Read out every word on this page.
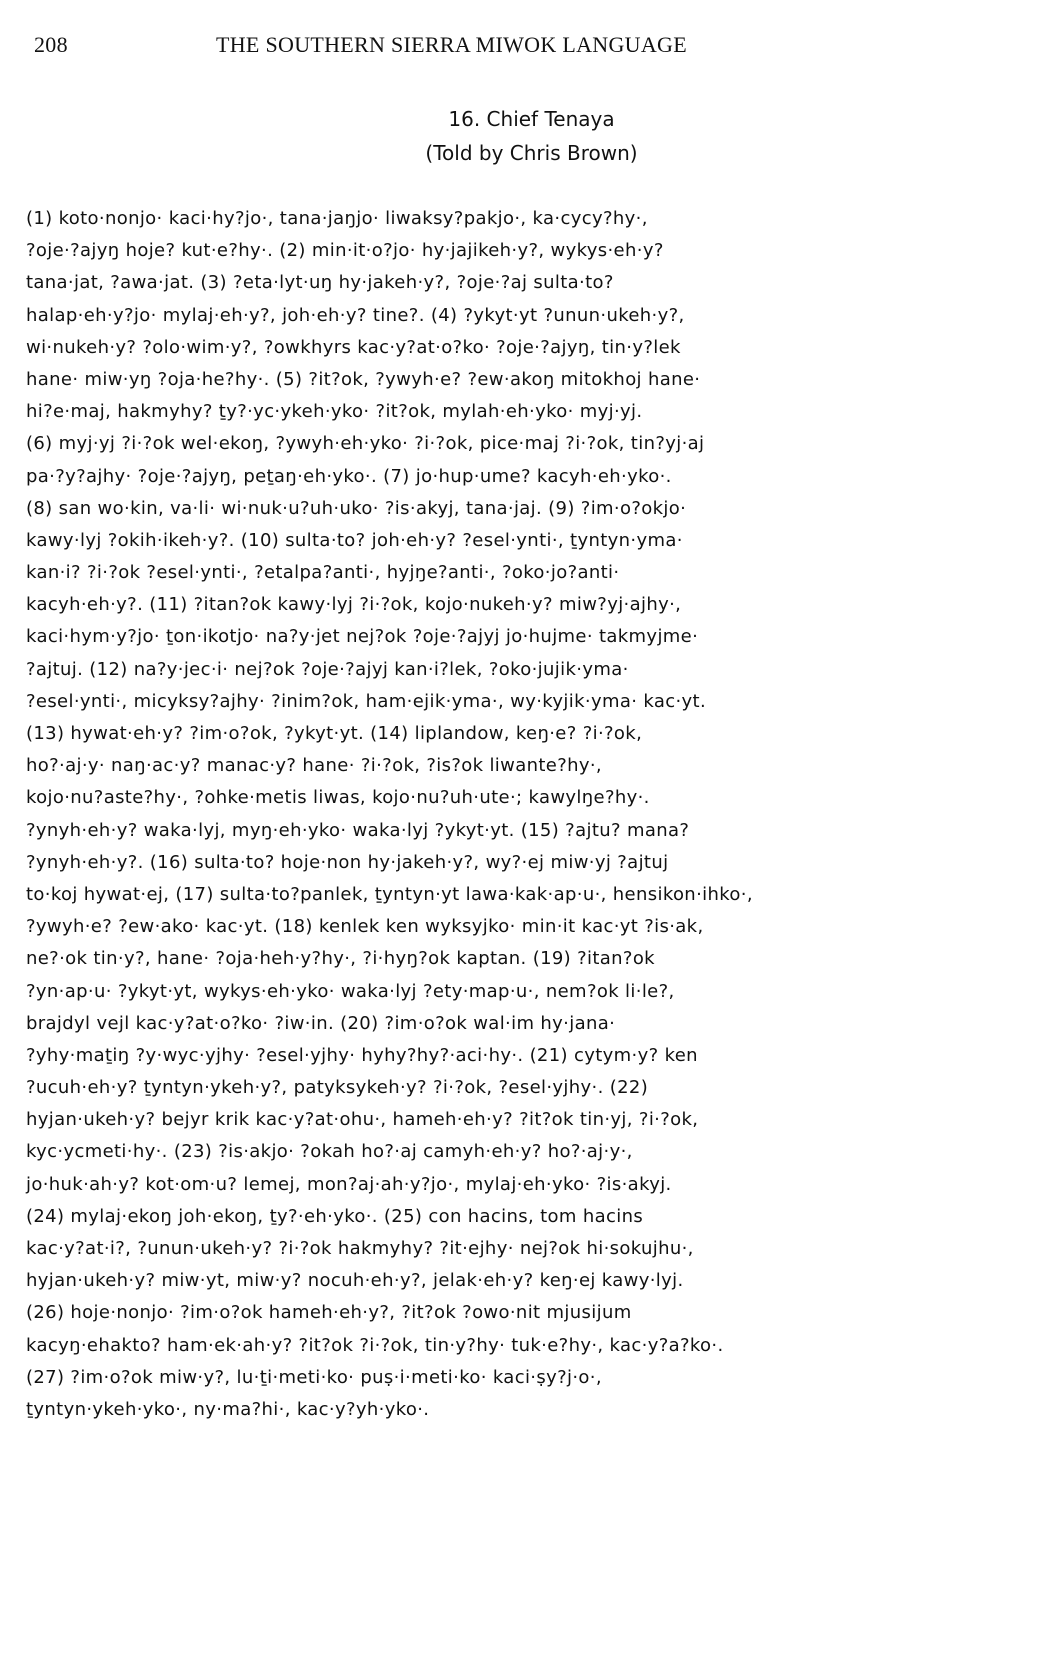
208	THE SOUTHERN SIERRA MIWOK LANGUAGE
16. Chief Tenaya
(Told by Chris Brown)
(1) koto·nonjo· kaci·hy?jo·, tana·jaŋjo· liwaksy?pakjo·, ka·cycy?hy·,
?oje·?ajyŋ hoje? kut·e?hy·. (2) min·it·o?jo· hy·jajikeh·y?, wykys·eh·y?
tana·jat, ?awa·jat. (3) ?eta·lyt·uŋ hy·jakeh·y?, ?oje·?aj sulta·to?
halap·eh·y?jo· mylaj·eh·y?, joh·eh·y? tine?. (4) ?ykyt·yt ?unun·ukeh·y?,
wi·nukeh·y? ?olo·wim·y?, ?owkhyrs kac·y?at·o?ko· ?oje·?ajyŋ, tin·y?lek
hane· miw·yŋ ?oja·he?hy·. (5) ?it?ok, ?ywyh·e? ?ew·akoŋ mitokhoj hane·
hi?e·maj, hakmyhy? ṯy?·yc·ykeh·yko· ?it?ok, mylah·eh·yko· myj·yj.
(6) myj·yj ?i·?ok wel·ekoŋ, ?ywyh·eh·yko· ?i·?ok, pice·maj ?i·?ok, tin?yj·aj
pa·?y?ajhy· ?oje·?ajyŋ, peṯaŋ·eh·yko·. (7) jo·hup·ume? kacyh·eh·yko·.
(8) san wo·kin, va·li· wi·nuk·u?uh·uko· ?is·akyj, tana·jaj. (9) ?im·o?okjo·
kawy·lyj ?okih·ikeh·y?. (10) sulta·to? joh·eh·y? ?esel·ynti·, ṯyntyn·yma·
kan·i? ?i·?ok ?esel·ynti·, ?etalpa?anti·, hyjŋe?anti·, ?oko·jo?anti·
kacyh·eh·y?. (11) ?itan?ok kawy·lyj ?i·?ok, kojo·nukeh·y? miw?yj·ajhy·,
kaci·hym·y?jo· ṯon·ikotjo· na?y·jet nej?ok ?oje·?ajyj jo·hujme· takmyjme·
?ajtuj. (12) na?y·jec·i· nej?ok ?oje·?ajyj kan·i?lek, ?oko·jujik·yma·
?esel·ynti·, micyksy?ajhy· ?inim?ok, ham·ejik·yma·, wy·kyjik·yma· kac·yt.
(13) hywat·eh·y? ?im·o?ok, ?ykyt·yt. (14) liplandow, keŋ·e? ?i·?ok,
ho?·aj·y· naŋ·ac·y? manac·y? hane· ?i·?ok, ?is?ok liwante?hy·,
kojo·nu?aste?hy·, ?ohke·metis liwas, kojo·nu?uh·ute·; kawylŋe?hy·.
?ynyh·eh·y? waka·lyj, myŋ·eh·yko· waka·lyj ?ykyt·yt. (15) ?ajtu? mana?
?ynyh·eh·y?. (16) sulta·to? hoje·non hy·jakeh·y?, wy?·ej miw·yj ?ajtuj
to·koj hywat·ej, (17) sulta·to?panlek, ṯyntyn·yt lawa·kak·ap·u·, hensikon·ihko·,
?ywyh·e? ?ew·ako· kac·yt. (18) kenlek ken wyksyjko· min·it kac·yt ?is·ak,
ne?·ok tin·y?, hane· ?oja·heh·y?hy·, ?i·hyŋ?ok kaptan. (19) ?itan?ok
?yn·ap·u· ?ykyt·yt, wykys·eh·yko· waka·lyj ?ety·map·u·, nem?ok li·le?,
brajdyl vejl kac·y?at·o?ko· ?iw·in. (20) ?im·o?ok wal·im hy·jana·
?yhy·maṯiŋ ?y·wyc·yjhy· ?esel·yjhy· hyhy?hy?·aci·hy·. (21) cytym·y? ken
?ucuh·eh·y? ṯyntyn·ykeh·y?, patyksykeh·y? ?i·?ok, ?esel·yjhy·. (22)
hyjan·ukeh·y? bejyr krik kac·y?at·ohu·, hameh·eh·y? ?it?ok tin·yj, ?i·?ok,
kyc·ycmeti·hy·. (23) ?is·akjo· ?okah ho?·aj camyh·eh·y? ho?·aj·y·,
jo·huk·ah·y? kot·om·u? lemej, mon?aj·ah·y?jo·, mylaj·eh·yko· ?is·akyj.
(24) mylaj·ekoŋ joh·ekoŋ, ṯy?·eh·yko·. (25) con hacins, tom hacins
kac·y?at·i?, ?unun·ukeh·y? ?i·?ok hakmyhy? ?it·ejhy· nej?ok hi·sokujhu·,
hyjan·ukeh·y? miw·yt, miw·y? nocuh·eh·y?, jelak·eh·y? keŋ·ej kawy·lyj.
(26) hoje·nonjo· ?im·o?ok hameh·eh·y?, ?it?ok ?owo·nit mjusijum
kacyŋ·ehakto? ham·ek·ah·y? ?it?ok ?i·?ok, tin·y?hy· tuk·e?hy·, kac·y?a?ko·.
(27) ?im·o?ok miw·y?, lu·ṯi·meti·ko· puṣ·i·meti·ko· kaci·ṣy?j·o·,
ṯyntyn·ykeh·yko·, ny·ma?hi·, kac·y?yh·yko·.
